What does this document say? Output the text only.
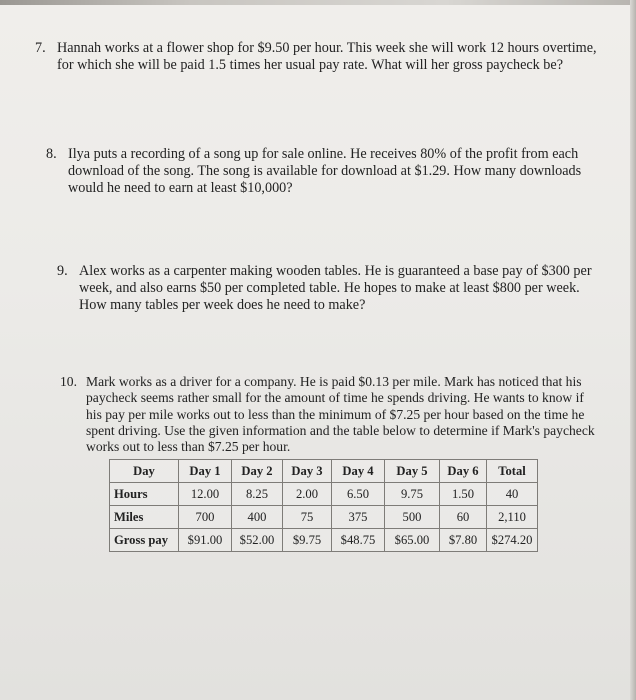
7. Hannah works at a flower shop for $9.50 per hour. This week she will work 12 hours overtime, for which she will be paid 1.5 times her usual pay rate. What will her gross paycheck be?
8. Ilya puts a recording of a song up for sale online. He receives 80% of the profit from each download of the song. The song is available for download at $1.29. How many downloads would he need to earn at least $10,000?
9. Alex works as a carpenter making wooden tables. He is guaranteed a base pay of $300 per week, and also earns $50 per completed table. He hopes to make at least $800 per week. How many tables per week does he need to make?
10. Mark works as a driver for a company. He is paid $0.13 per mile. Mark has noticed that his paycheck seems rather small for the amount of time he spends driving. He wants to know if his pay per mile works out to less than the minimum of $7.25 per hour based on the time he spent driving. Use the given information and the table below to determine if Mark's paycheck works out to less than $7.25 per hour.
Day	Day 1	Day 2	Day 3	Day 4	Day 5	Day 6	Total
Hours	12.00	8.25	2.00	6.50	9.75	1.50	40
Miles	700	400	75	375	500	60	2,110
Gross pay	$91.00	$52.00	$9.75	$48.75	$65.00	$7.80	$274.20
